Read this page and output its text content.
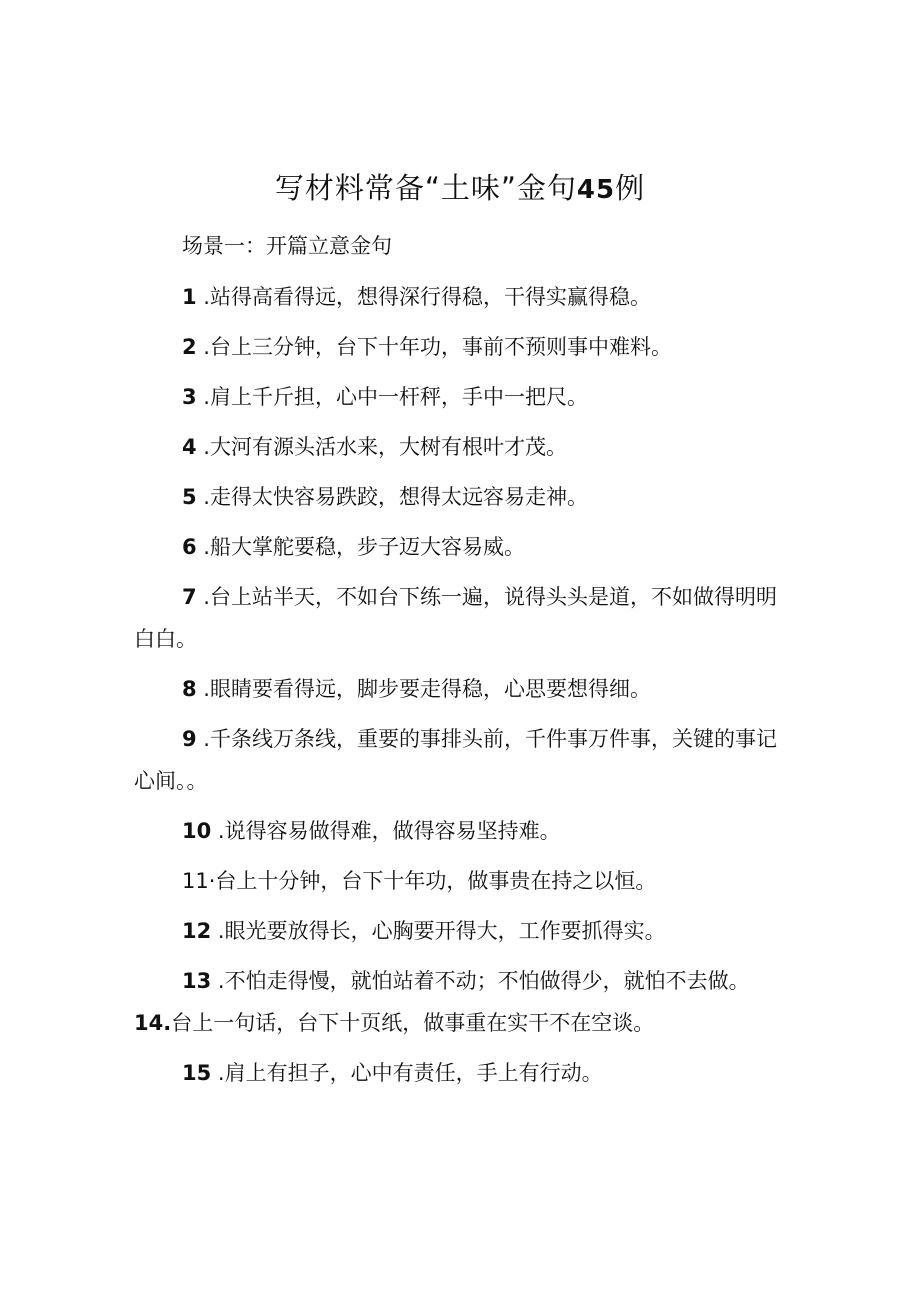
写材料常备“土味”金句45例
场景一：开篇立意金句
1 .站得高看得远，想得深行得稳，干得实赢得稳。
2 .台上三分钟，台下十年功，事前不预则事中难料。
3 .肩上千斤担，心中一杆秤，手中一把尺。
4 .大河有源头活水来，大树有根叶才茂。
5 .走得太快容易跌跤，想得太远容易走神。
6 .船大掌舵要稳，步子迈大容易威。
7 .台上站半天，不如台下练一遍，说得头头是道，不如做得明明
白白。
8 .眼睛要看得远，脚步要走得稳，心思要想得细。
9 .千条线万条线，重要的事排头前，千件事万件事，关键的事记
心间。。
10 .说得容易做得难，做得容易坚持难。
11·台上十分钟，台下十年功，做事贵在持之以恒。
12 .眼光要放得长，心胸要开得大，工作要抓得实。
13 .不怕走得慢，就怕站着不动；不怕做得少，就怕不去做。
14.台上一句话，台下十页纸，做事重在实干不在空谈。
15 .肩上有担子，心中有责任，手上有行动。
